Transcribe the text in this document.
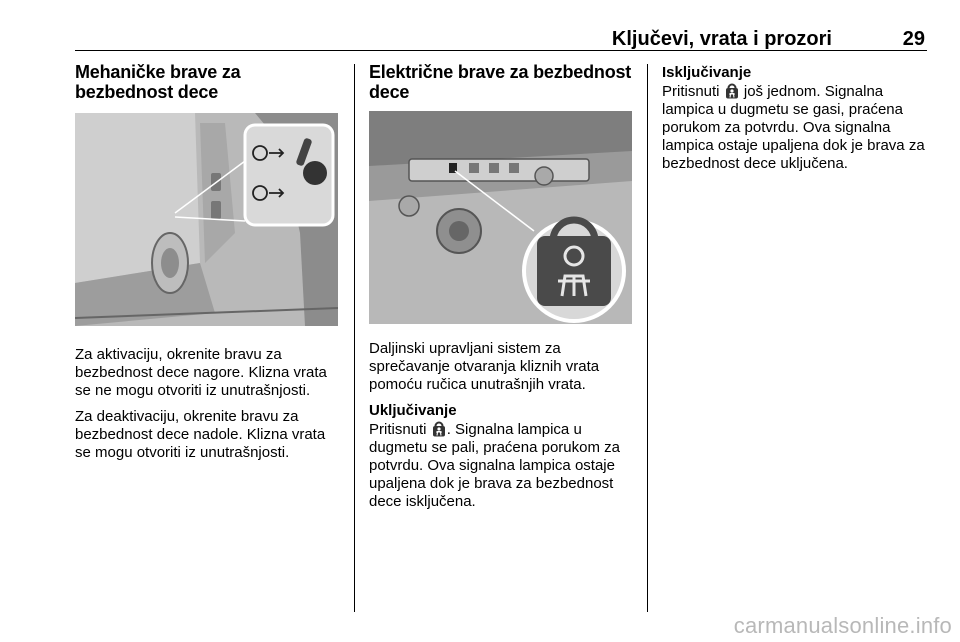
Ključevi, vrata i prozori	29
Mehaničke brave za bezbednost dece

Za aktivaciju, okrenite bravu za bezbednost dece nagore. Klizna vrata se ne mogu otvoriti iz unutrašnjosti.

Za deaktivaciju, okrenite bravu za bezbednost dece nadole. Klizna vrata se mogu otvoriti iz unutrašnjosti.

Električne brave za bezbednost dece

Daljinski upravljani sistem za sprečavanje otvaranja kliznih vrata pomoću ručica unutrašnjih vrata.

Uključivanje

Pritisnuti . Signalna lampica u dugmetu se pali, praćena porukom za potvrdu. Ova signalna lampica ostaje upaljena dok je brava za bezbednost dece isključena.

Isključivanje

Pritisnuti još jednom. Signalna lampica u dugmetu se gasi, praćena porukom za potvrdu. Ova signalna lampica ostaje upaljena dok je brava za bezbednost dece uključena.

carmanualsonline.info
